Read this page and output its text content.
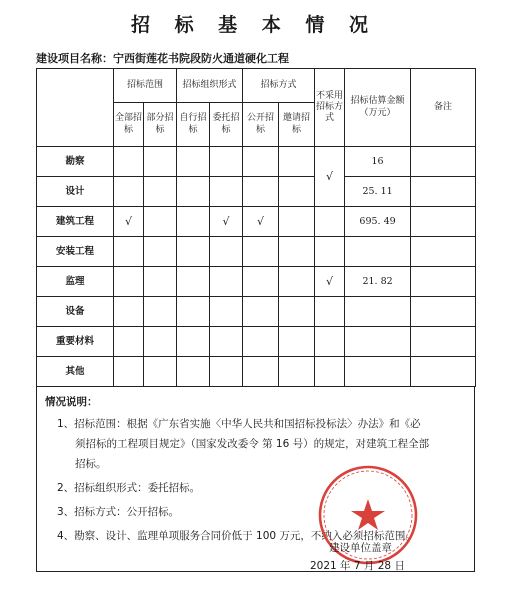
招 标 基 本 情 况
建设项目名称：宁西街莲花书院段防火通道硬化工程
	招标范围		招标组织形式		招标方式		不采用招标方式	招标估算金额（万元）	备注
	全部招标	部分招标	自行招标	委托招标	公开招标	邀请招标			
勘察							√	16	
设计								25. 11	
建筑工程	√			√	√			695. 49	
安装工程									
监理							√	21. 82	
设备									
重要材料									
其他									
情况说明：
1、招标范围：根据《广东省实施〈中华人民共和国招标投标法〉办法》和《必
须招标的工程项目规定》（国家发改委令 第 16 号）的规定，对建筑工程全部
招标。
2、招标组织形式：委托招标。
3、招标方式：公开招标。
4、勘察、设计、监理单项服务合同价低于 100 万元，不纳入必须招标范围。
建设单位盖章
2021 年 7 月 28 日
